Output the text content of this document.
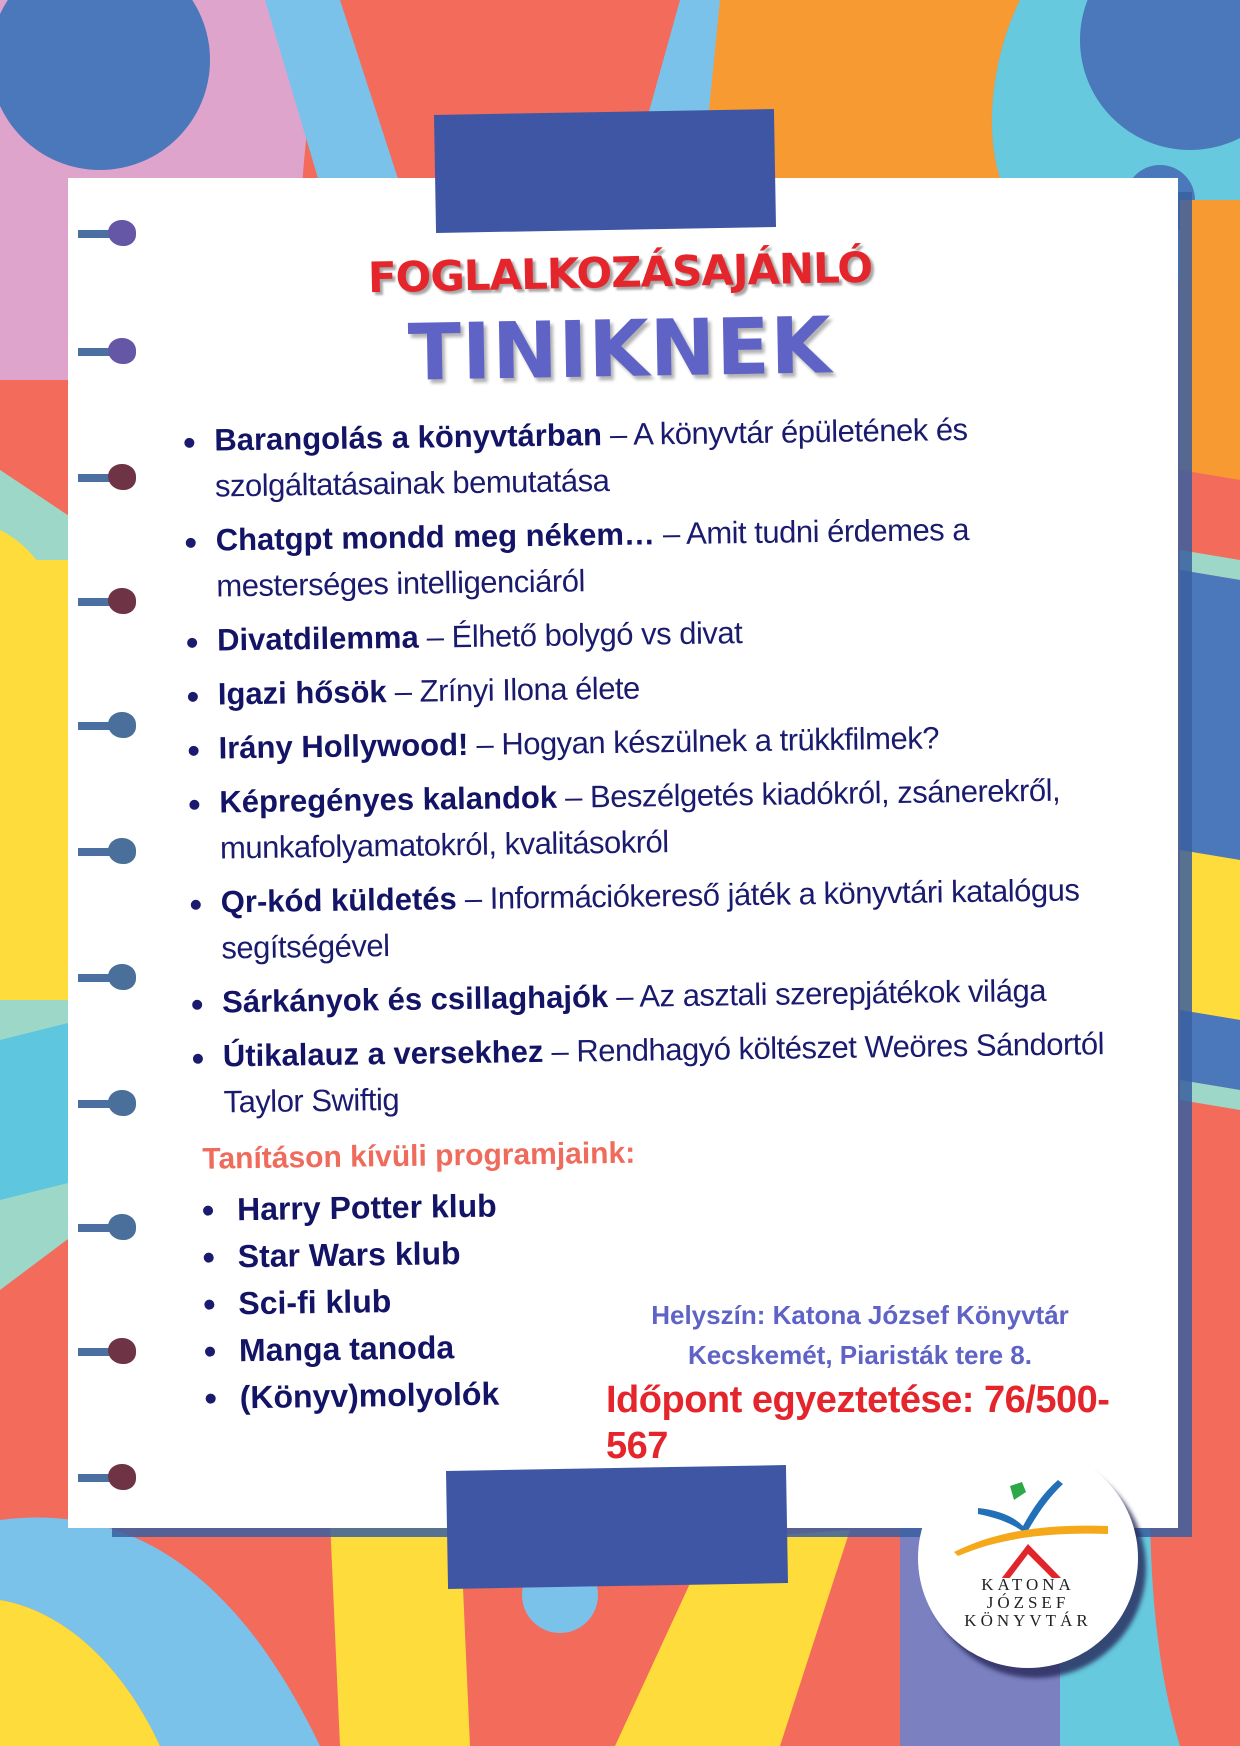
FOGLALKOZÁSAJÁNLÓ
TINIKNEK
Barangolás a könyvtárban – A könyvtár épületének és szolgáltatásainak bemutatása
Chatgpt mondd meg nékem… – Amit tudni érdemes a mesterséges intelligenciáról
Divatdilemma – Élhető bolygó vs divat
Igazi hősök – Zrínyi Ilona élete
Irány Hollywood! – Hogyan készülnek a trükkfilmek?
Képregényes kalandok – Beszélgetés kiadókról, zsánerekről, munkafolyamatokról, kvalitásokról
Qr-kód küldetés – Információkereső játék a könyvtári katalógus segítségével
Sárkányok és csillaghajók – Az asztali szerepjátékok világa
Útikalauz a versekhez – Rendhagyó költészet Weöres Sándortól Taylor Swiftig
Tanításon kívüli programjaink:
Harry Potter klub
Star Wars klub
Sci-fi klub
Manga tanoda
(Könyv)molyolók
Helyszín: Katona József Könyvtár
Kecskemét, Piaristák tere 8.
Időpont egyeztetése: 76/500-567
KATONA
JÓZSEF
KÖNYVTÁR
